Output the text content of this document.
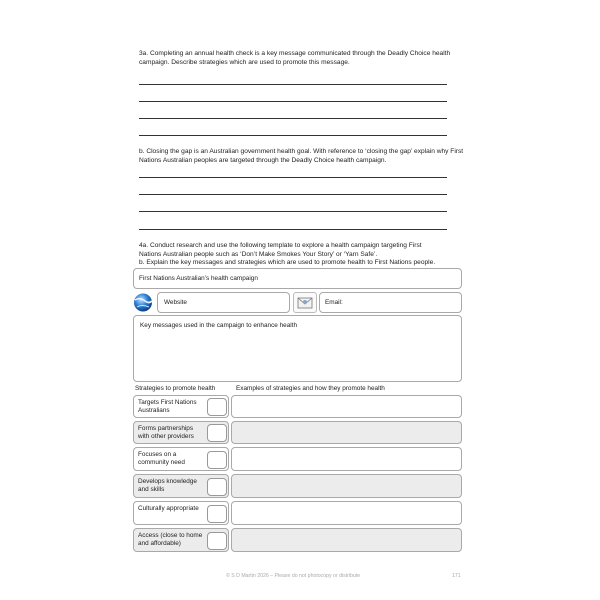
3a. Completing an annual health check is a key message communicated through the Deadly Choice health campaign. Describe strategies which are used to promote this message.
b. Closing the gap is an Australian government health goal. With reference to ‘closing the gap’ explain why First Nations Australian peoples are targeted through the Deadly Choice health campaign.
4a. Conduct research and use the following template to explore a health campaign targeting First
Nations Australian people such as ‘Don’t Make Smokes Your Story’ or ‘Yarn Safe’.
b. Explain the key messages and strategies which are used to promote health to First Nations people.
First Nations Australian’s health campaign
Website	Email:
Key messages used in the campaign to enhance health
Strategies to promote health	Examples of strategies and how they promote health
Targets First Nations Australians
Forms partnerships with other providers
Focuses on a community need
Develops knowledge and skills
Culturally appropriate
Access (close to home and affordable)
© S D Martin 2026 – Please do not photocopy or distribute	171
